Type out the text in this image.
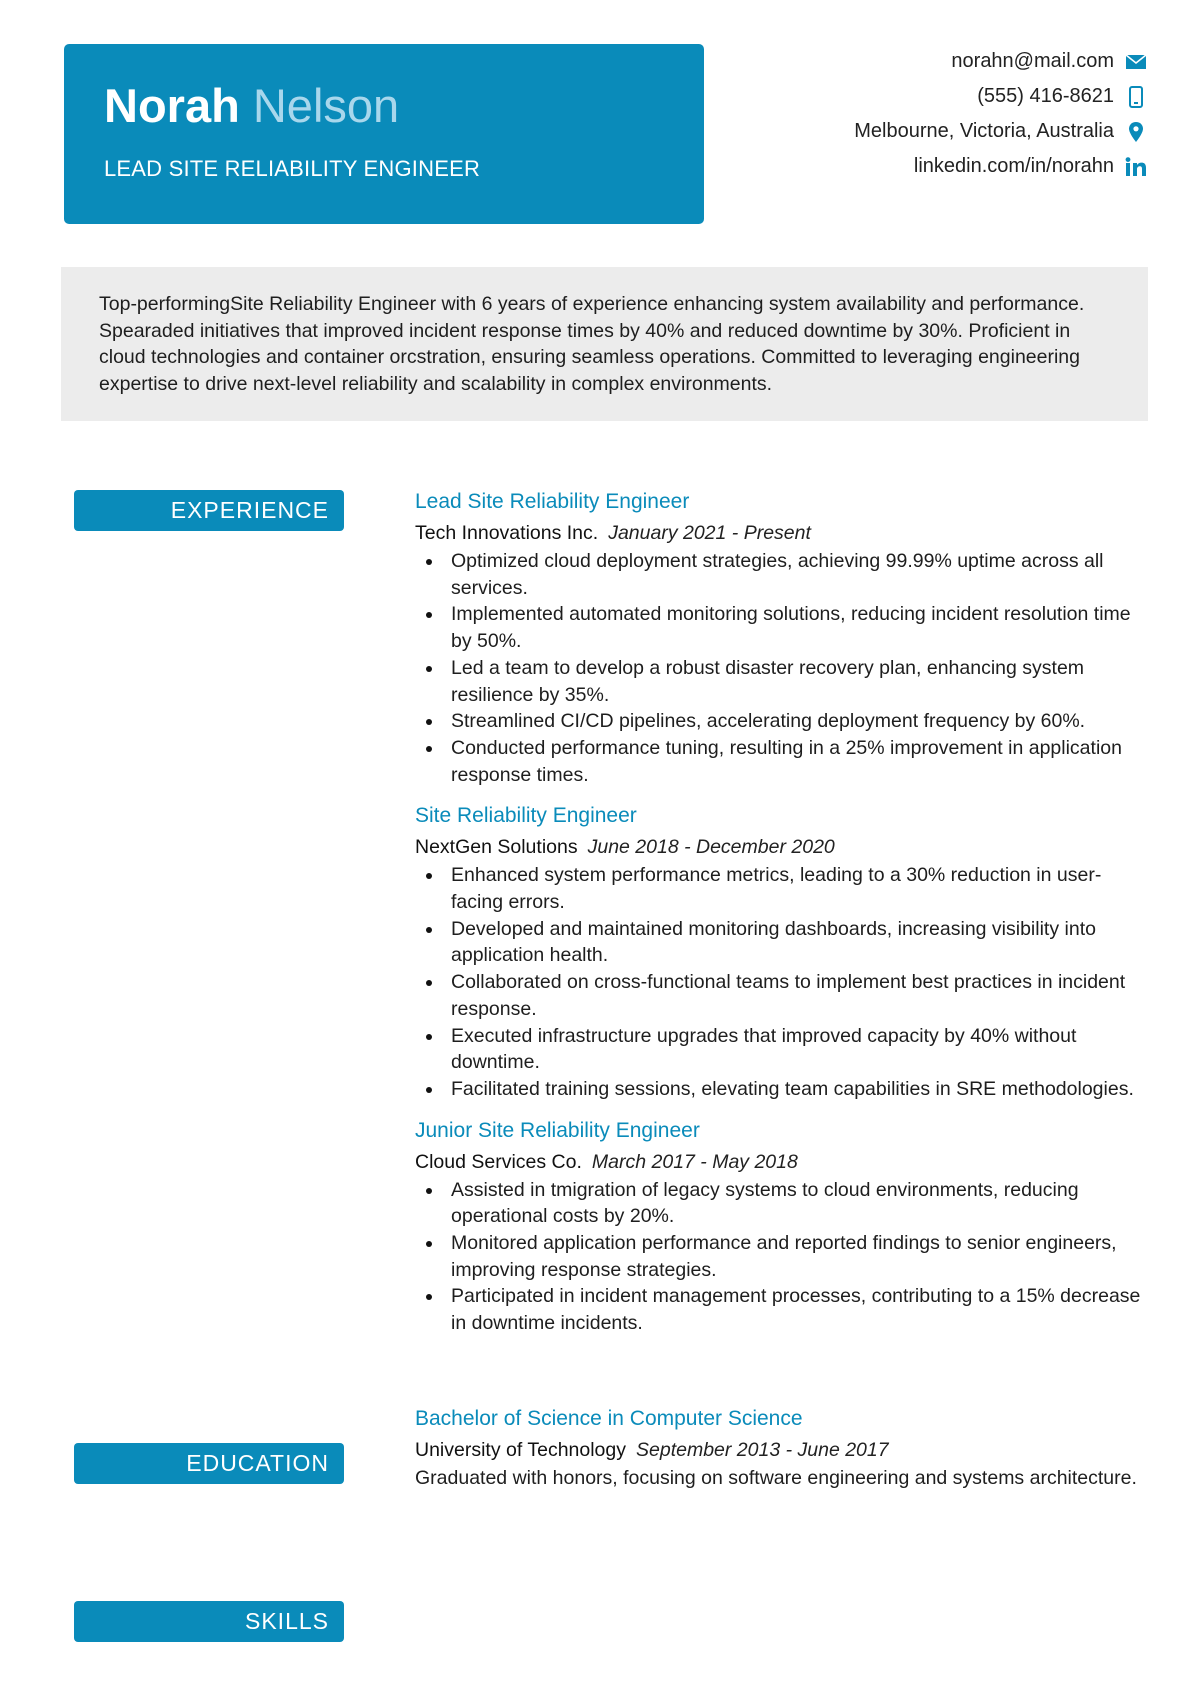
Norah Nelson
LEAD SITE RELIABILITY ENGINEER
norahn@mail.com
(555) 416-8621
Melbourne, Victoria, Australia
linkedin.com/in/norahn
Top-performingSite Reliability Engineer with 6 years of experience enhancing system availability and performance. Spearaded initiatives that improved incident response times by 40% and reduced downtime by 30%. Proficient in cloud technologies and container orcstration, ensuring seamless operations. Committed to leveraging engineering expertise to drive next-level reliability and scalability in complex environments.
EXPERIENCE
EDUCATION
SKILLS
Lead Site Reliability Engineer
Tech Innovations Inc. January 2021 - Present
Optimized cloud deployment strategies, achieving 99.99% uptime across all services.
Implemented automated monitoring solutions, reducing incident resolution time by 50%.
Led a team to develop a robust disaster recovery plan, enhancing system resilience by 35%.
Streamlined CI/CD pipelines, accelerating deployment frequency by 60%.
Conducted performance tuning, resulting in a 25% improvement in application response times.
Site Reliability Engineer
NextGen Solutions June 2018 - December 2020
Enhanced system performance metrics, leading to a 30% reduction in user-facing errors.
Developed and maintained monitoring dashboards, increasing visibility into application health.
Collaborated on cross-functional teams to implement best practices in incident response.
Executed infrastructure upgrades that improved capacity by 40% without downtime.
Facilitated training sessions, elevating team capabilities in SRE methodologies.
Junior Site Reliability Engineer
Cloud Services Co. March 2017 - May 2018
Assisted in tmigration of legacy systems to cloud environments, reducing operational costs by 20%.
Monitored application performance and reported findings to senior engineers, improving response strategies.
Participated in incident management processes, contributing to a 15% decrease in downtime incidents.
Bachelor of Science in Computer Science
University of Technology September 2013 - June 2017
Graduated with honors, focusing on software engineering and systems architecture.
